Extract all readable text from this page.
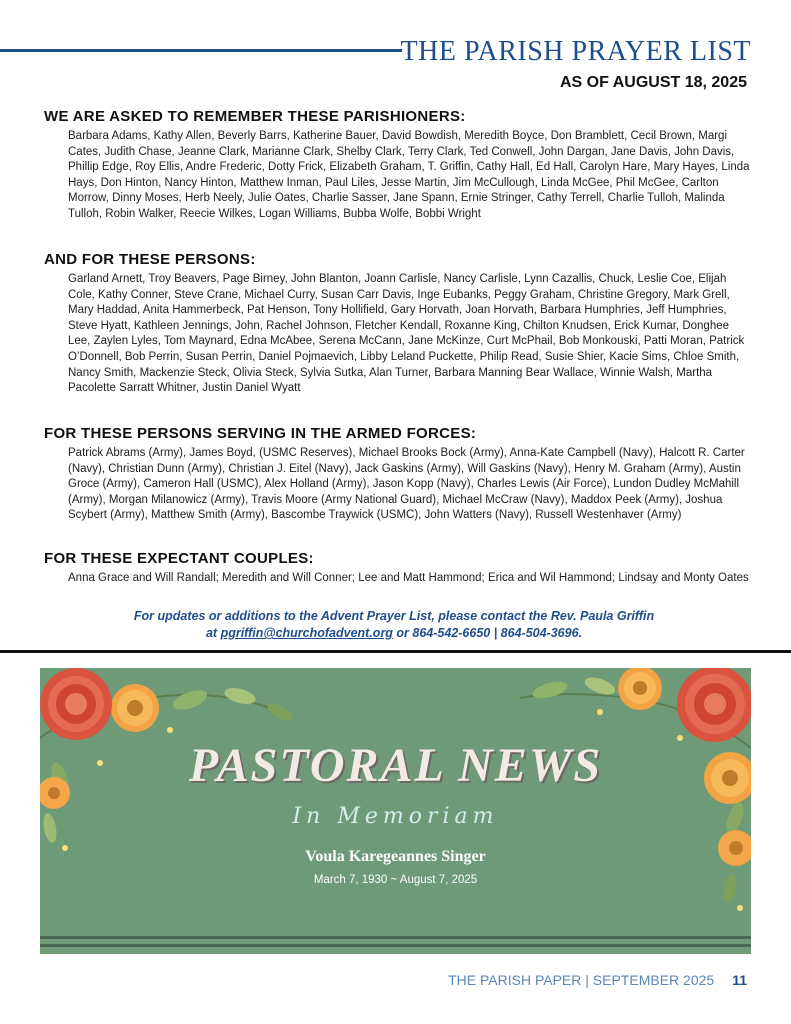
THE PARISH PRAYER LIST
AS OF AUGUST 18, 2025
WE ARE ASKED TO REMEMBER THESE PARISHIONERS:

Barbara Adams, Kathy Allen, Beverly Barrs, Katherine Bauer, David Bowdish, Meredith Boyce, Don Bramblett, Cecil Brown, Margi Cates, Judith Chase, Jeanne Clark, Marianne Clark, Shelby Clark, Terry Clark, Ted Conwell, John Dargan, Jane Davis, John Davis, Phillip Edge, Roy Ellis, Andre Frederic, Dotty Frick, Elizabeth Graham, T. Griffin, Cathy Hall, Ed Hall, Carolyn Hare, Mary Hayes, Linda Hays, Don Hinton, Nancy Hinton, Matthew Inman, Paul Liles, Jesse Martin, Jim McCullough, Linda McGee, Phil McGee, Carlton Morrow, Dinny Moses, Herb Neely, Julie Oates, Charlie Sasser, Jane Spann, Ernie Stringer, Cathy Terrell, Charlie Tulloh, Malinda Tulloh, Robin Walker, Reecie Wilkes, Logan Williams, Bubba Wolfe, Bobbi Wright

AND FOR THESE PERSONS:

Garland Arnett, Troy Beavers, Page Birney, John Blanton, Joann Carlisle, Nancy Carlisle, Lynn Cazallis, Chuck, Leslie Coe, Elijah Cole, Kathy Conner, Steve Crane, Michael Curry, Susan Carr Davis, Inge Eubanks, Peggy Graham, Christine Gregory, Mark Grell, Mary Haddad, Anita Hammerbeck, Pat Henson, Tony Hollifield, Gary Horvath, Joan Horvath, Barbara Humphries, Jeff Humphries, Steve Hyatt, Kathleen Jennings, John, Rachel Johnson, Fletcher Kendall, Roxanne King, Chilton Knudsen, Erick Kumar, Donghee Lee, Zaylen Lyles, Tom Maynard, Edna McAbee, Serena McCann, Jane McKinze, Curt McPhail, Bob Monkouski, Patti Moran, Patrick O’Donnell, Bob Perrin, Susan Perrin, Daniel Pojmaevich, Libby Leland Puckette, Philip Read, Susie Shier, Kacie Sims, Chloe Smith, Nancy Smith, Mackenzie Steck, Olivia Steck, Sylvia Sutka, Alan Turner, Barbara Manning Bear Wallace, Winnie Walsh, Martha Pacolette Sarratt Whitner, Justin Daniel Wyatt

FOR THESE PERSONS SERVING IN THE ARMED FORCES:

Patrick Abrams (Army), James Boyd, (USMC Reserves), Michael Brooks Bock (Army), Anna-Kate Campbell (Navy), Halcott R. Carter (Navy), Christian Dunn (Army), Christian J. Eitel (Navy), Jack Gaskins (Army), Will Gaskins (Navy), Henry M. Graham (Army), Austin Groce (Army), Cameron Hall (USMC), Alex Holland (Army), Jason Kopp (Navy), Charles Lewis (Air Force), Lundon Dudley McMahill (Army), Morgan Milanowicz (Army), Travis Moore (Army National Guard), Michael McCraw (Navy), Maddox Peek (Army), Joshua Scybert (Army), Matthew Smith (Army), Bascombe Traywick (USMC), John Watters (Navy), Russell Westenhaver (Army)

FOR THESE EXPECTANT COUPLES:

Anna Grace and Will Randall; Meredith and Will Conner; Lee and Matt Hammond; Erica and Wil Hammond; Lindsay and Monty Oates

For updates or additions to the Advent Prayer List, please contact the Rev. Paula Griffin
at pgriffin@churchofadvent.org or 864-542-6650 | 864-504-3696.
PASTORAL NEWS
In Memoriam
Voula Karegeannes Singer
March 7, 1930 ~ August 7, 2025
THE PARISH PAPER | SEPTEMBER 2025 11
